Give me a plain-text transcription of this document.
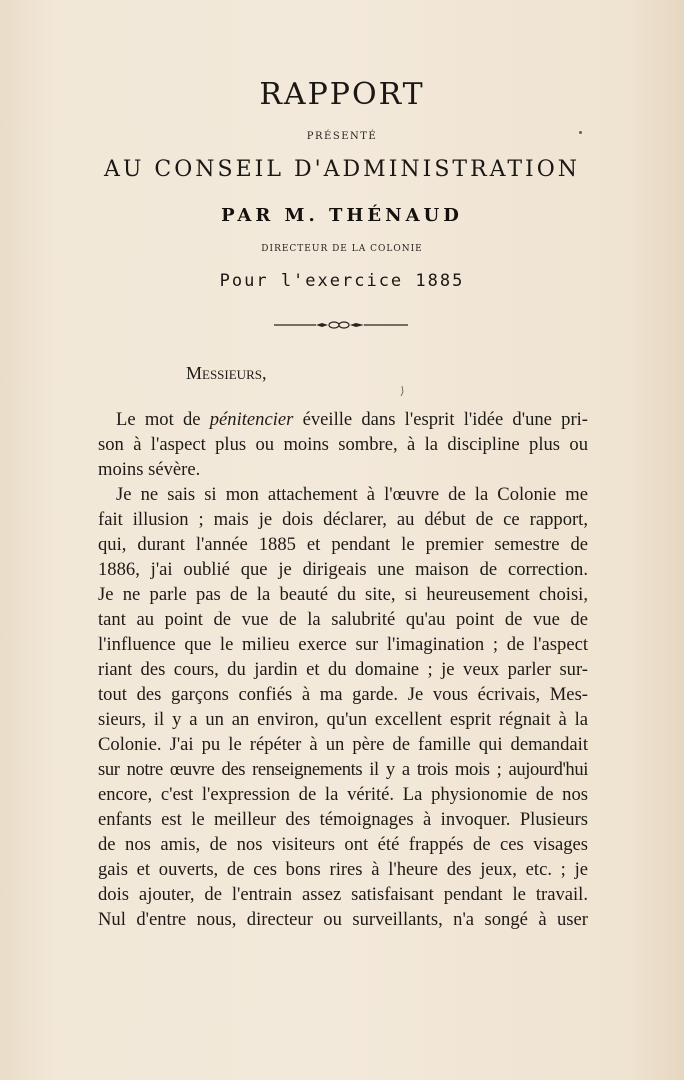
RAPPORT
PRÉSENTÉ
AU CONSEIL D'ADMINISTRATION
PAR M. THÉNAUD
DIRECTEUR DE LA COLONIE
Pour l'exercice 1885
Messieurs,
Le mot de pénitencier éveille dans l'esprit l'idée d'une pri-
son à l'aspect plus ou moins sombre, à la discipline plus ou
moins sévère.
Je ne sais si mon attachement à l'œuvre de la Colonie me
fait illusion ; mais je dois déclarer, au début de ce rapport,
qui, durant l'année 1885 et pendant le premier semestre de
1886, j'ai oublié que je dirigeais une maison de correction.
Je ne parle pas de la beauté du site, si heureusement choisi,
tant au point de vue de la salubrité qu'au point de vue de
l'influence que le milieu exerce sur l'imagination ; de l'aspect
riant des cours, du jardin et du domaine ; je veux parler sur-
tout des garçons confiés à ma garde. Je vous écrivais, Mes-
sieurs, il y a un an environ, qu'un excellent esprit régnait à la
Colonie. J'ai pu le répéter à un père de famille qui demandait
sur notre œuvre des renseignements il y a trois mois ; aujourd'hui
encore, c'est l'expression de la vérité. La physionomie de nos
enfants est le meilleur des témoignages à invoquer. Plusieurs
de nos amis, de nos visiteurs ont été frappés de ces visages
gais et ouverts, de ces bons rires à l'heure des jeux, etc. ; je
dois ajouter, de l'entrain assez satisfaisant pendant le travail.
Nul d'entre nous, directeur ou surveillants, n'a songé à user
